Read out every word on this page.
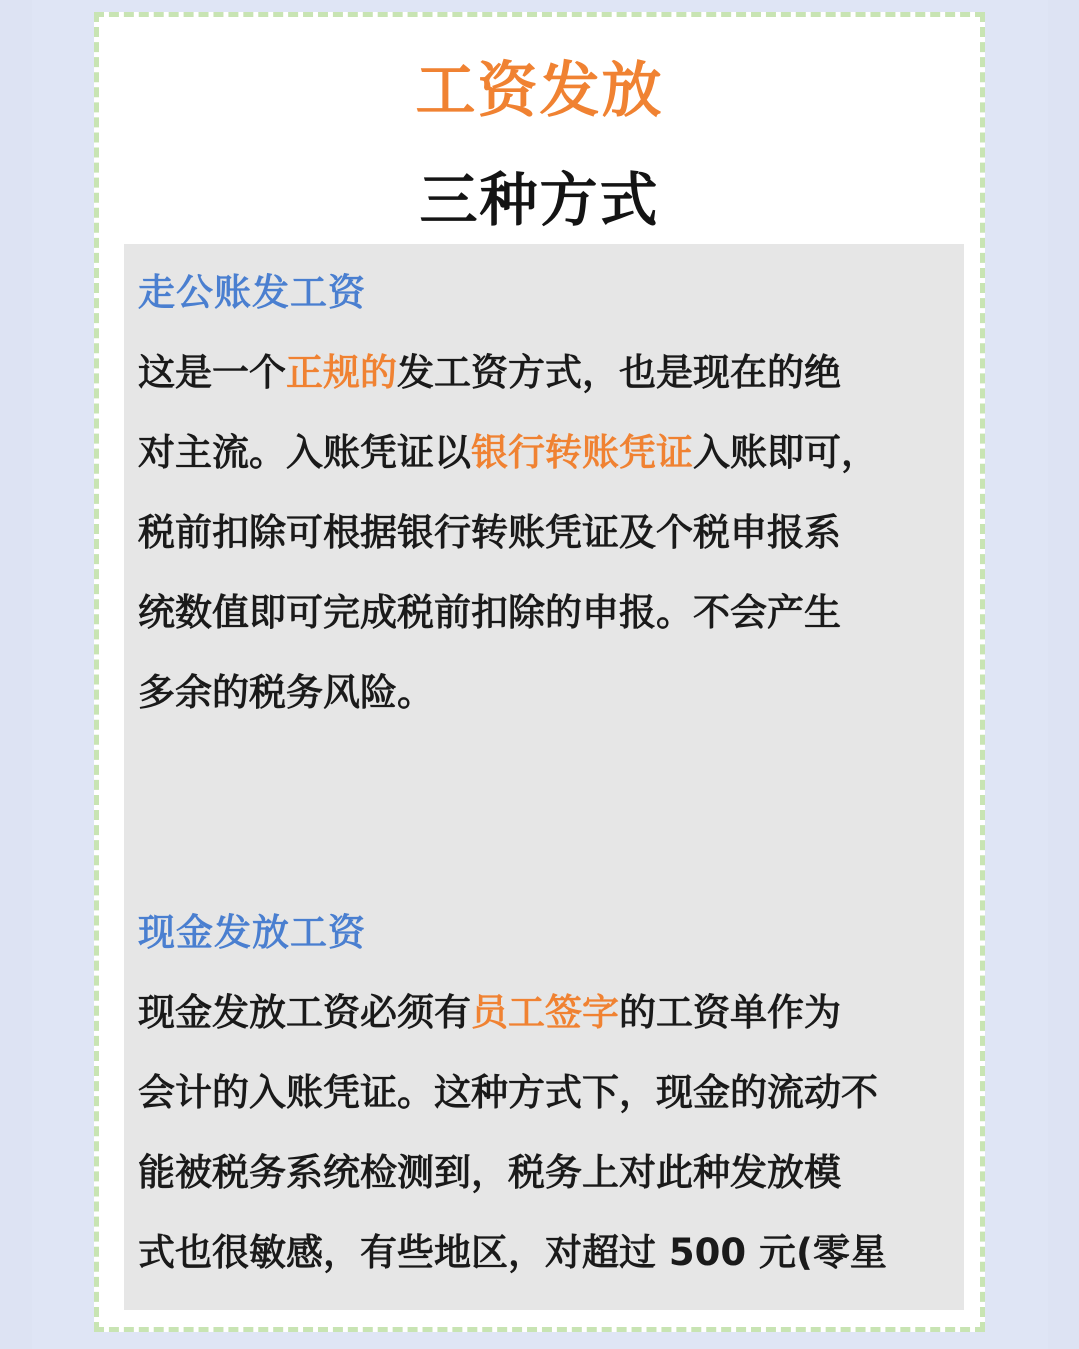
工资发放
三种方式
走公账发工资
这是一个正规的发工资方式，也是现在的绝
对主流。入账凭证以银行转账凭证入账即可，
税前扣除可根据银行转账凭证及个税申报系
统数值即可完成税前扣除的申报。不会产生
多余的税务风险。
现金发放工资
现金发放工资必须有员工签字的工资单作为
会计的入账凭证。这种方式下，现金的流动不
能被税务系统检测到，税务上对此种发放模
式也很敏感，有些地区，对超过 500 元(零星
